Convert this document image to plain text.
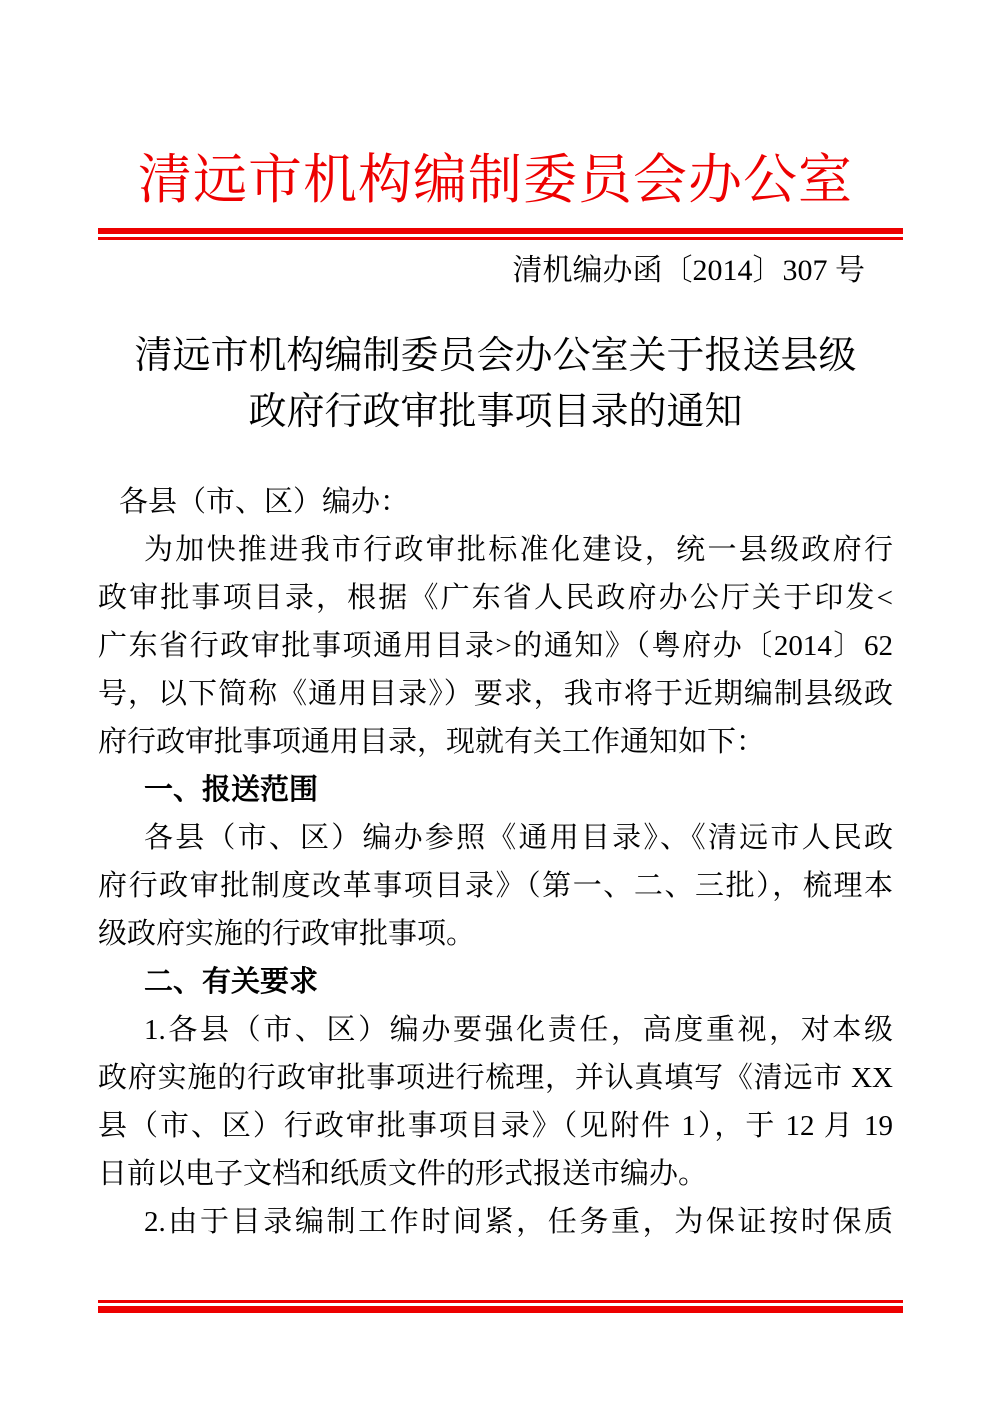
清远市机构编制委员会办公室
清机编办函〔2014〕307 号
清远市机构编制委员会办公室关于报送县级
政府行政审批事项目录的通知
各县（市、区）编办：
为加快推进我市行政审批标准化建设，统一县级政府行
政审批事项目录，根据《广东省人民政府办公厅关于印发<
广东省行政审批事项通用目录>的通知》（粤府办〔2014〕62
号，以下简称《通用目录》）要求，我市将于近期编制县级政
府行政审批事项通用目录，现就有关工作通知如下：
一、报送范围
各县（市、区）编办参照《通用目录》、《清远市人民政
府行政审批制度改革事项目录》（第一、二、三批），梳理本
级政府实施的行政审批事项。
二、有关要求
1.各县（市、区）编办要强化责任，高度重视，对本级
政府实施的行政审批事项进行梳理，并认真填写《清远市 XX
县（市、区）行政审批事项目录》（见附件 1），于 12 月 19
日前以电子文档和纸质文件的形式报送市编办。
2.由于目录编制工作时间紧，任务重，为保证按时保质
